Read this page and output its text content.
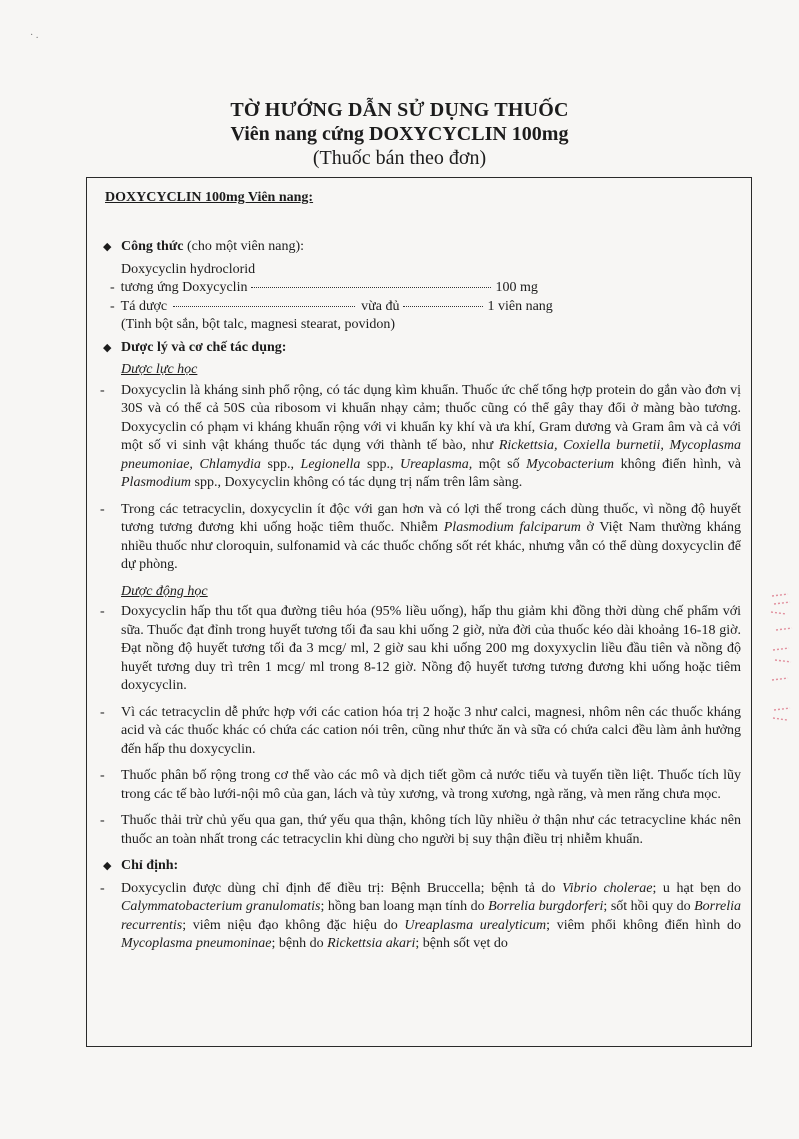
· .
TỜ HƯỚNG DẪN SỬ DỤNG THUỐC
Viên nang cứng DOXYCYCLIN 100mg
(Thuốc bán theo đơn)
DOXYCYCLIN 100mg Viên nang:
◆ Công thức (cho một viên nang):
Doxycyclin hydroclorid
- tương ứng Doxycyclin	100 mg
- Tá dược	vừa đủ	1 viên nang
(Tinh bột sắn, bột talc, magnesi stearat, povidon)
◆ Dược lý và cơ chế tác dụng:
Dược lực học
- Doxycyclin là kháng sinh phổ rộng, có tác dụng kìm khuẩn. Thuốc ức chế tổng hợp protein do gắn vào đơn vị 30S và có thể cả 50S của ribosom vi khuẩn nhạy cảm; thuốc cũng có thể gây thay đổi ở màng bào tương. Doxycyclin có phạm vi kháng khuẩn rộng với vi khuẩn ky khí và ưa khí, Gram dương và Gram âm và cả với một số vi sinh vật kháng thuốc tác dụng với thành tế bào, như Rickettsia, Coxiella burnetii, Mycoplasma pneumoniae, Chlamydia spp., Legionella spp., Ureaplasma, một số Mycobacterium không điển hình, và Plasmodium spp., Doxycyclin không có tác dụng trị nấm trên lâm sàng.
- Trong các tetracyclin, doxycyclin ít độc với gan hơn và có lợi thế trong cách dùng thuốc, vì nồng độ huyết tương tương đương khi uống hoặc tiêm thuốc. Nhiễm Plasmodium falciparum ở Việt Nam thường kháng nhiều thuốc như cloroquin, sulfonamid và các thuốc chống sốt rét khác, nhưng vẫn có thể dùng doxycyclin để dự phòng.
Dược động học
- Doxycyclin hấp thu tốt qua đường tiêu hóa (95% liều uống), hấp thu giảm khi đồng thời dùng chế phẩm với sữa. Thuốc đạt đỉnh trong huyết tương tối đa sau khi uống 2 giờ, nửa đời của thuốc kéo dài khoảng 16-18 giờ. Đạt nồng độ huyết tương tối đa 3 mcg/ ml, 2 giờ sau khi uống 200 mg doxyxyclin liều đầu tiên và nồng độ huyết tương duy trì trên 1 mcg/ ml trong 8-12 giờ. Nồng độ huyết tương tương đương khi uống hoặc tiêm doxycyclin.
- Vì các tetracyclin dễ phức hợp với các cation hóa trị 2 hoặc 3 như calci, magnesi, nhôm nên các thuốc kháng acid và các thuốc khác có chứa các cation nói trên, cũng như thức ăn và sữa có chứa calci đều làm ảnh hưởng đến hấp thu doxycyclin.
- Thuốc phân bố rộng trong cơ thể vào các mô và dịch tiết gồm cả nước tiểu và tuyến tiền liệt. Thuốc tích lũy trong các tế bào lưới-nội mô của gan, lách và tủy xương, và trong xương, ngà răng, và men răng chưa mọc.
- Thuốc thải trừ chủ yếu qua gan, thứ yếu qua thận, không tích lũy nhiều ở thận như các tetracycline khác nên thuốc an toàn nhất trong các tetracyclin khi dùng cho người bị suy thận điều trị nhiễm khuẩn.
◆ Chỉ định:
- Doxycyclin được dùng chỉ định để điều trị: Bệnh Bruccella; bệnh tả do Vibrio cholerae; u hạt bẹn do Calymmatobacterium granulomatis; hồng ban loang mạn tính do Borrelia burgdorferi; sốt hồi quy do Borrelia recurrentis; viêm niệu đạo không đặc hiệu do Ureaplasma urealyticum; viêm phổi không điển hình do Mycoplasma pneumoninae; bệnh do Rickettsia akari; bệnh sốt vẹt do
